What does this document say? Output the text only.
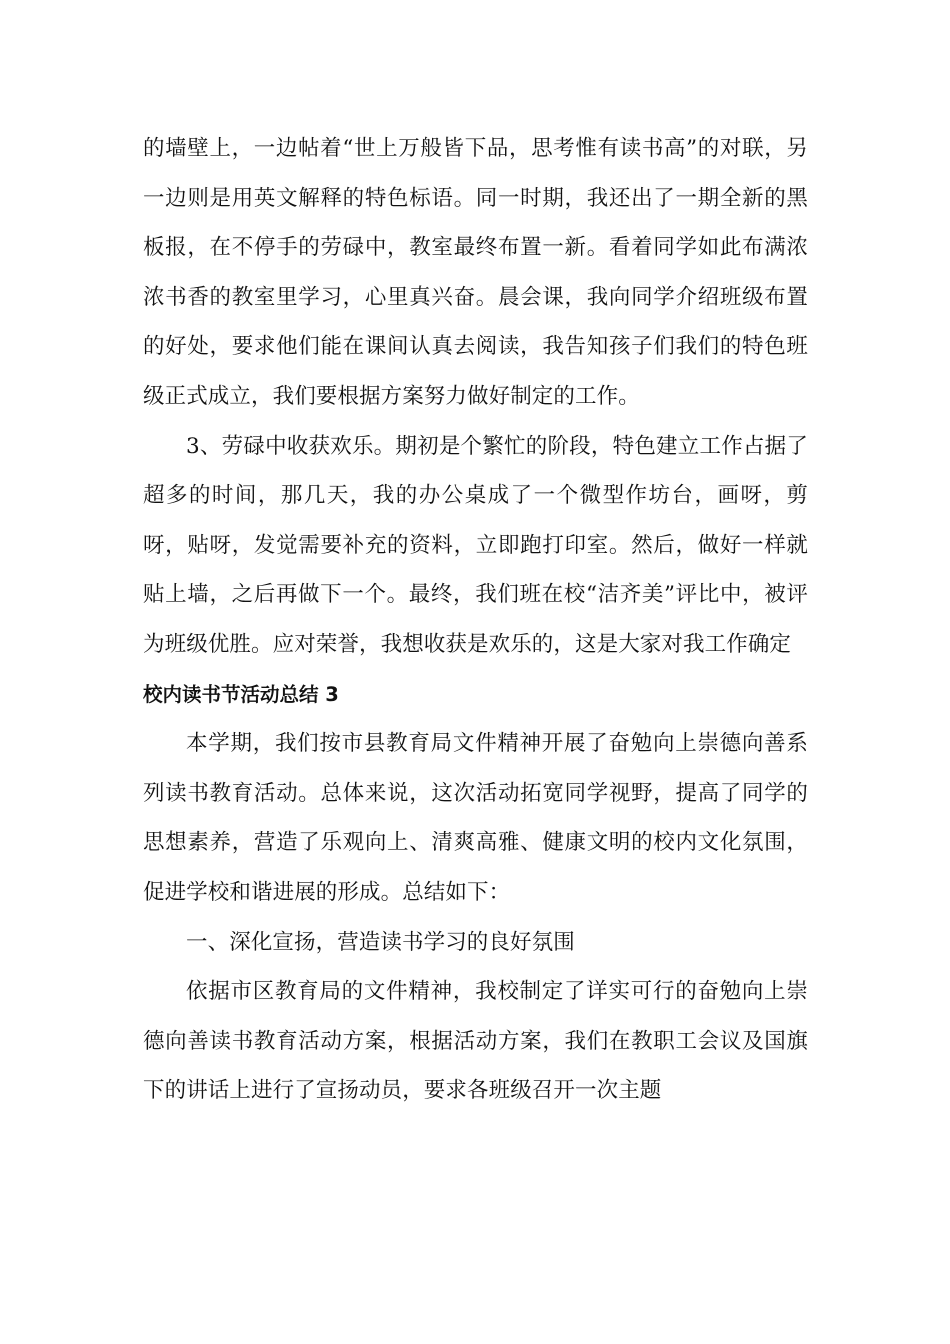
的墙壁上，一边帖着“世上万般皆下品，思考惟有读书高”的对联，另一边则是用英文解释的特色标语。同一时期，我还出了一期全新的黑板报，在不停手的劳碌中，教室最终布置一新。看着同学如此布满浓浓书香的教室里学习，心里真兴奋。晨会课，我向同学介绍班级布置的好处，要求他们能在课间认真去阅读，我告知孩子们我们的特色班级正式成立，我们要根据方案努力做好制定的工作。

3、劳碌中收获欢乐。期初是个繁忙的阶段，特色建立工作占据了超多的时间，那几天，我的办公桌成了一个微型作坊台，画呀，剪呀，贴呀，发觉需要补充的资料，立即跑打印室。然后，做好一样就贴上墙，之后再做下一个。最终，我们班在校“洁齐美”评比中，被评为班级优胜。应对荣誉，我想收获是欢乐的，这是大家对我工作确定

校内读书节活动总结 3

本学期，我们按市县教育局文件精神开展了奋勉向上崇德向善系列读书教育活动。总体来说，这次活动拓宽同学视野，提高了同学的思想素养，营造了乐观向上、清爽高雅、健康文明的校内文化氛围，促进学校和谐进展的形成。总结如下：

一、深化宣扬，营造读书学习的良好氛围

依据市区教育局的文件精神，我校制定了详实可行的奋勉向上崇德向善读书教育活动方案，根据活动方案，我们在教职工会议及国旗下的讲话上进行了宣扬动员，要求各班级召开一次主题
